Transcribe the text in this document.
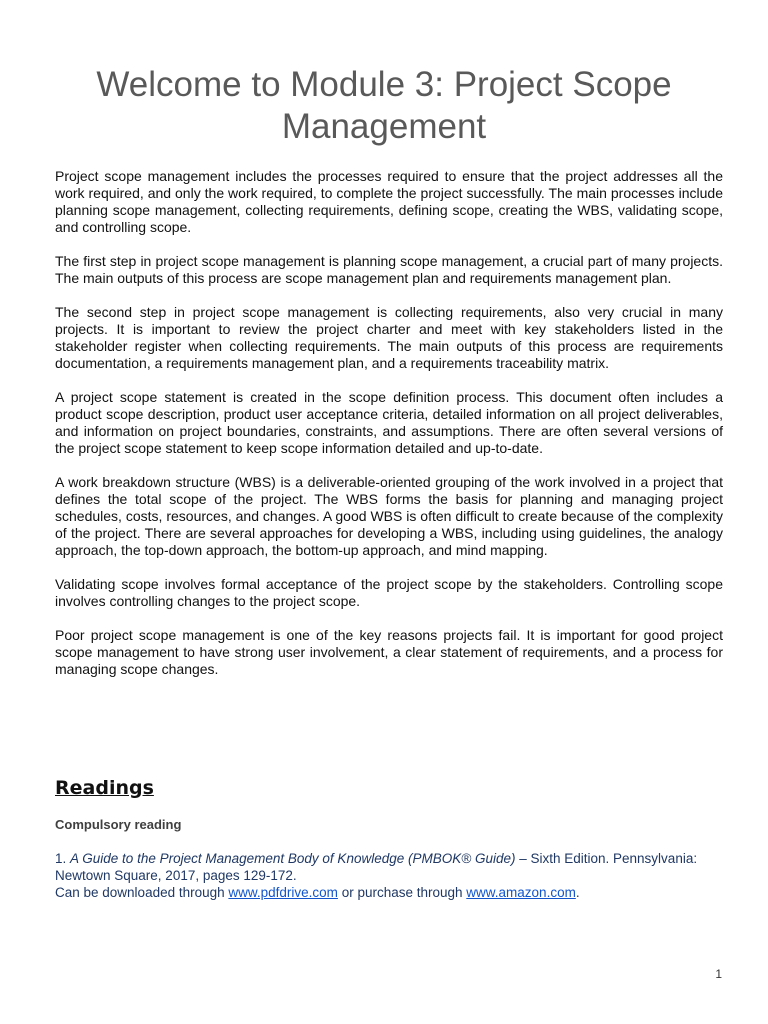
Welcome to Module 3: Project Scope Management

Project scope management includes the processes required to ensure that the project addresses all the work required, and only the work required, to complete the project successfully. The main processes include planning scope management, collecting requirements, defining scope, creating the WBS, validating scope, and controlling scope.

The first step in project scope management is planning scope management, a crucial part of many projects. The main outputs of this process are scope management plan and requirements management plan.

The second step in project scope management is collecting requirements, also very crucial in many projects. It is important to review the project charter and meet with key stakeholders listed in the stakeholder register when collecting requirements. The main outputs of this process are requirements documentation, a requirements management plan, and a requirements traceability matrix.

A project scope statement is created in the scope definition process. This document often includes a product scope description, product user acceptance criteria, detailed information on all project deliverables, and information on project boundaries, constraints, and assumptions. There are often several versions of the project scope statement to keep scope information detailed and up-to-date.

A work breakdown structure (WBS) is a deliverable-oriented grouping of the work involved in a project that defines the total scope of the project. The WBS forms the basis for planning and managing project schedules, costs, resources, and changes. A good WBS is often difficult to create because of the complexity of the project. There are several approaches for developing a WBS, including using guidelines, the analogy approach, the top-down approach, the bottom-up approach, and mind mapping.

Validating scope involves formal acceptance of the project scope by the stakeholders. Controlling scope involves controlling changes to the project scope.

Poor project scope management is one of the key reasons projects fail. It is important for good project scope management to have strong user involvement, a clear statement of requirements, and a process for managing scope changes.

Readings
Compulsory reading
1. A Guide to the Project Management Body of Knowledge (PMBOK® Guide) – Sixth Edition. Pennsylvania: Newtown Square, 2017, pages 129-172.
Can be downloaded through www.pdfdrive.com or purchase through www.amazon.com.
1
